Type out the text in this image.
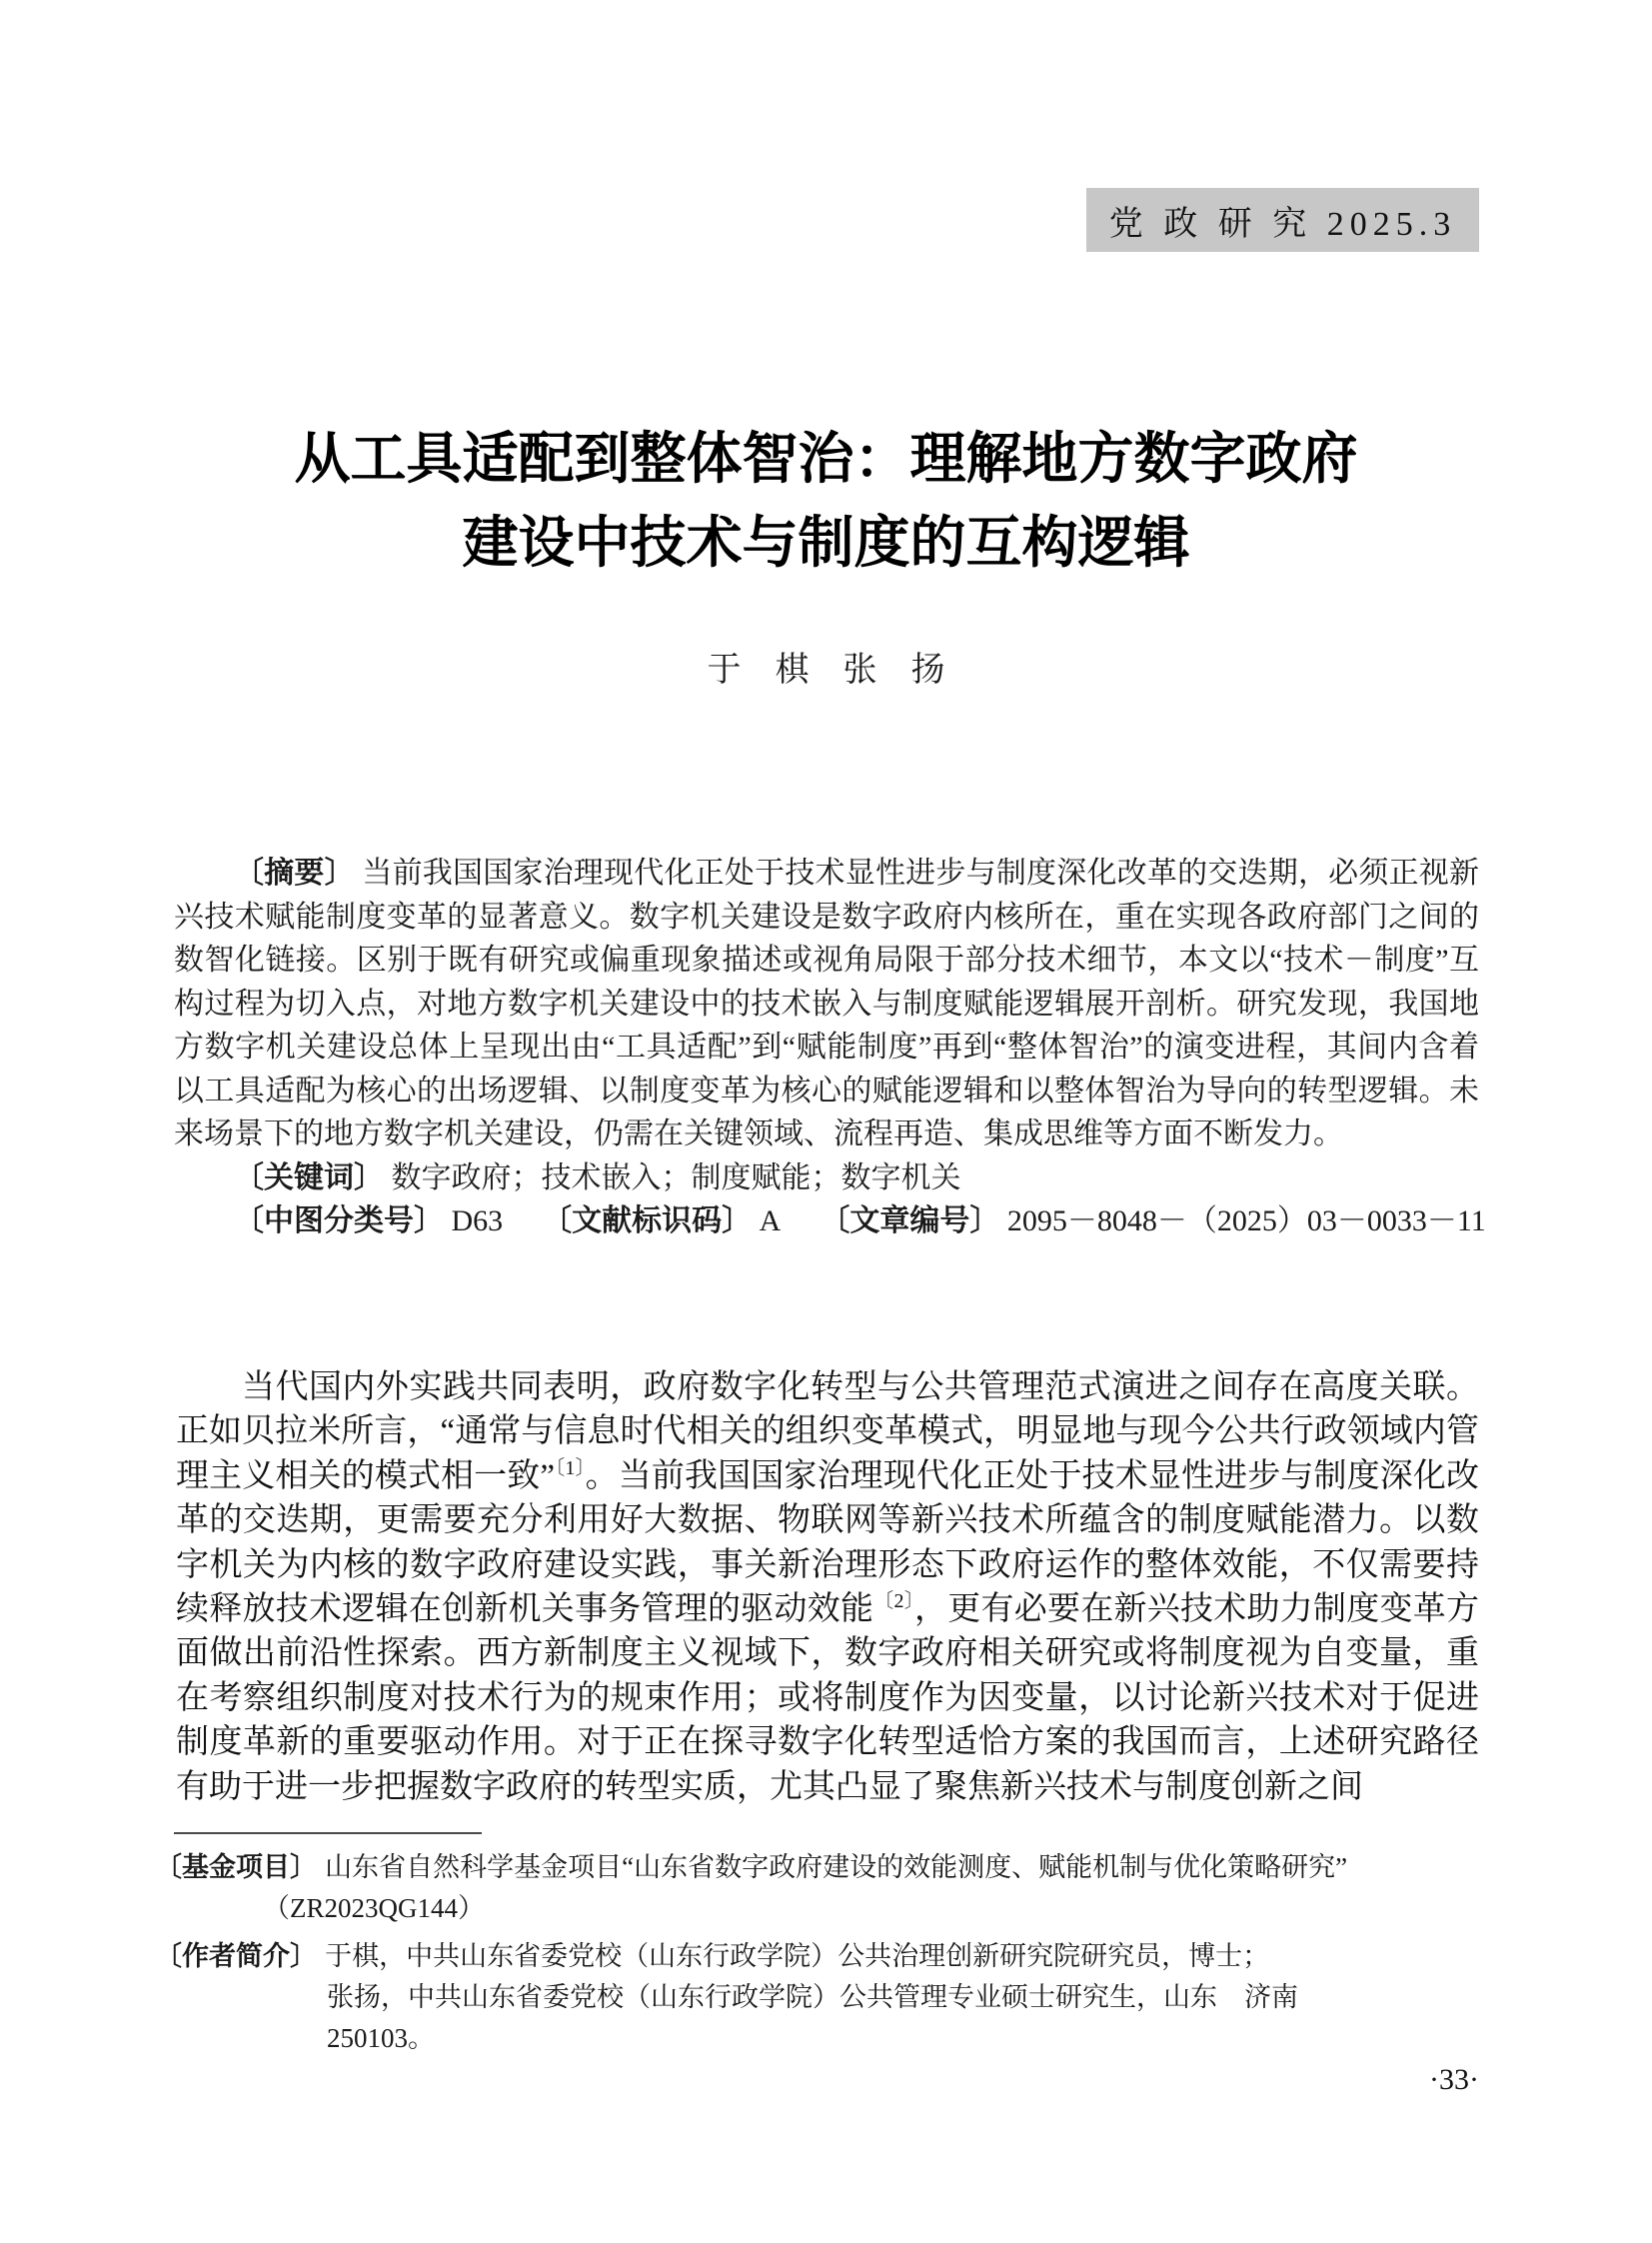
党 政 研 究 2025.3
从工具适配到整体智治：理解地方数字政府
建设中技术与制度的互构逻辑
于　棋　张　扬

〔摘要〕 当前我国国家治理现代化正处于技术显性进步与制度深化改革的交迭期，必须正视新兴技术赋能制度变革的显著意义。数字机关建设是数字政府内核所在，重在实现各政府部门之间的数智化链接。区别于既有研究或偏重现象描述或视角局限于部分技术细节，本文以“技术－制度”互构过程为切入点，对地方数字机关建设中的技术嵌入与制度赋能逻辑展开剖析。研究发现，我国地方数字机关建设总体上呈现出由“工具适配”到“赋能制度”再到“整体智治”的演变进程，其间内含着以工具适配为核心的出场逻辑、以制度变革为核心的赋能逻辑和以整体智治为导向的转型逻辑。未来场景下的地方数字机关建设，仍需在关键领域、流程再造、集成思维等方面不断发力。

〔关键词〕 数字政府；技术嵌入；制度赋能；数字机关

〔中图分类号〕 D63 〔文献标识码〕 A 〔文章编号〕 2095－8048－（2025）03－0033－11

当代国内外实践共同表明，政府数字化转型与公共管理范式演进之间存在高度关联。正如贝拉米所言，“通常与信息时代相关的组织变革模式，明显地与现今公共行政领域内管理主义相关的模式相一致”$^{〔1〕}$。当前我国国家治理现代化正处于技术显性进步与制度深化改革的交迭期，更需要充分利用好大数据、物联网等新兴技术所蕴含的制度赋能潜力。以数字机关为内核的数字政府建设实践，事关新治理形态下政府运作的整体效能，不仅需要持续释放技术逻辑在创新机关事务管理的驱动效能$^{〔2〕}$，更有必要在新兴技术助力制度变革方面做出前沿性探索。西方新制度主义视域下，数字政府相关研究或将制度视为自变量，重在考察组织制度对技术行为的规束作用；或将制度作为因变量，以讨论新兴技术对于促进制度革新的重要驱动作用。对于正在探寻数字化转型适恰方案的我国而言，上述研究路径有助于进一步把握数字政府的转型实质，尤其凸显了聚焦新兴技术与制度创新之间

〔基金项目〕 山东省自然科学基金项目“山东省数字政府建设的效能测度、赋能机制与优化策略研究”
（ZR2023QG144）
〔作者简介〕 于棋，中共山东省委党校（山东行政学院）公共治理创新研究院研究员，博士；
张扬，中共山东省委党校（山东行政学院）公共管理专业硕士研究生，山东　济南
250103。
·33·
